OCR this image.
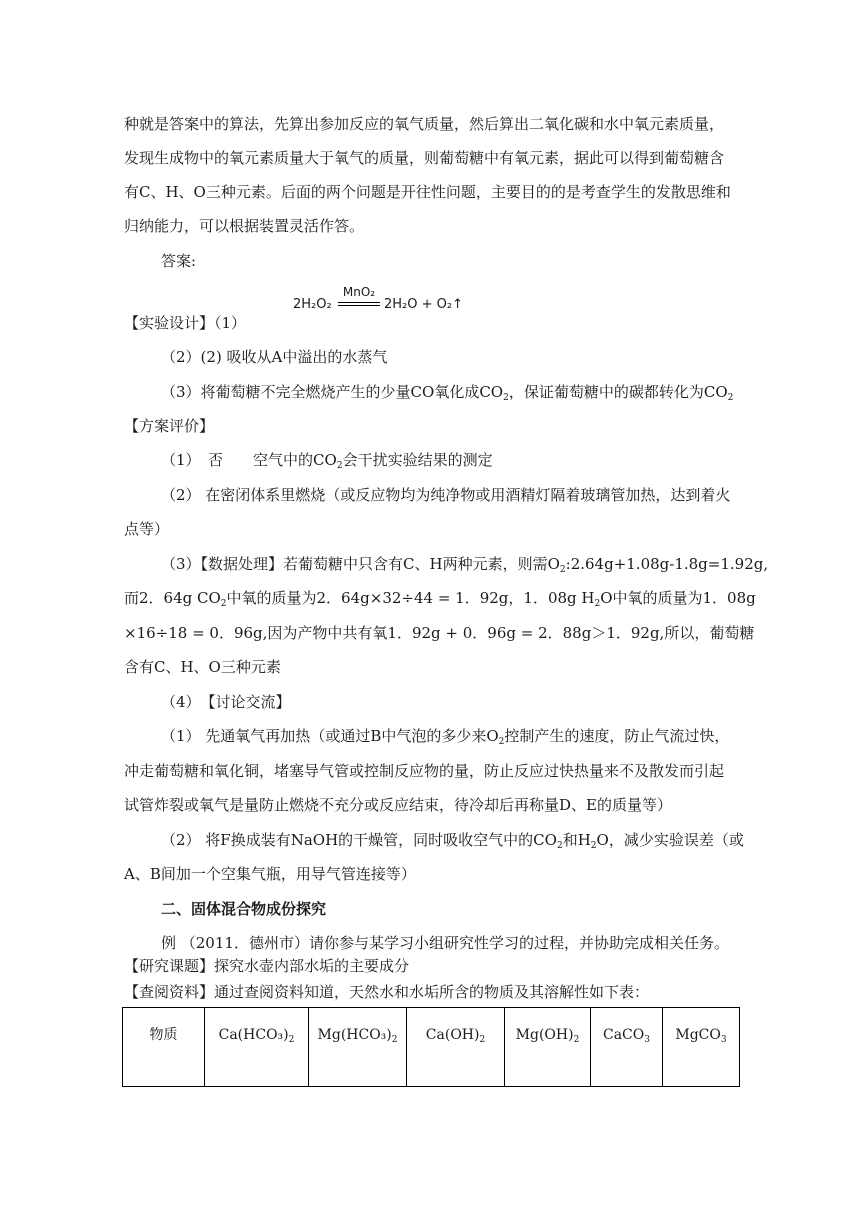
种就是答案中的算法，先算出参加反应的氧气质量，然后算出二氧化碳和水中氧元素质量，
发现生成物中的氧元素质量大于氧气的质量，则葡萄糖中有氧元素，据此可以得到葡萄糖含
有C、H、O三种元素。后面的两个问题是开往性问题，主要目的的是考查学生的发散思维和
归纳能力，可以根据装置灵活作答。
答案:
【实验设计】（1）
2H₂O₂
MnO₂
2H₂O + O₂↑
（2）(2) 吸收从A中溢出的水蒸气
（3）将葡萄糖不完全燃烧产生的少量CO氧化成$CO_2$，保证葡萄糖中的碳都转化为$CO_2$
【方案评价】
（1）　否　　空气中的$CO_2$会干扰实验结果的测定
（2） 在密闭体系里燃烧（或反应物均为纯净物或用酒精灯隔着玻璃管加热，达到着火
点等）
（3）【数据处理】若葡萄糖中只含有C、H两种元素，则需$O_2:2.64g+1.08g-1.8g=1.92g$,
而2．64g $CO_2$中氧的质量为2．64g×32÷44 = 1．92g，1．08g $H_2O$中氧的质量为1．08g
×16÷18 = 0．96g,因为产物中共有氧1．92g + 0．96g = 2．88g＞1．92g,所以，葡萄糖
含有C、H、O三种元素
（4）　【讨论交流】
（1） 先通氧气再加热（或通过B中气泡的多少来$O_2$控制产生的速度，防止气流过快，
冲走葡萄糖和氧化铜，堵塞导气管或控制反应物的量，防止反应过快热量来不及散发而引起
试管炸裂或氧气是量防止燃烧不充分或反应结束，待冷却后再称量D、E的质量等）
（2） 将F换成装有NaOH的干燥管，同时吸收空气中的$CO_2$和$H_2O$，减少实验误差（或
A、B间加一个空集气瓶，用导气管连接等）
二、固体混合物成份探究
例 （2011．德州市）请你参与某学习小组研究性学习的过程，并协助完成相关任务。
【研究课题】探究水壶内部水垢的主要成分
【查阅资料】通过查阅资料知道，天然水和水垢所含的物质及其溶解性如下表：
物质	$Ca(HCO_3)_2$	$Mg(HCO_3)_2$	$Ca(OH)_2$	$Mg(OH)_2$	CaCO$_3$	MgCO$_3$
